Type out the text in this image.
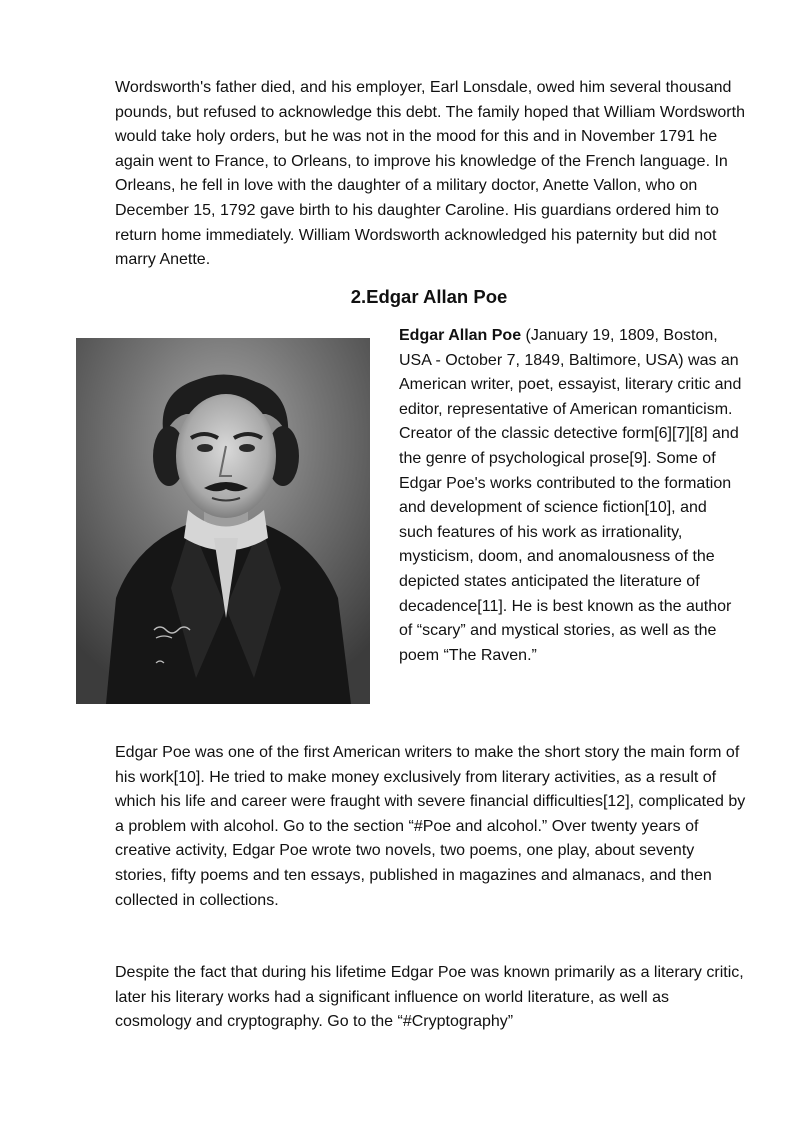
Wordsworth's father died, and his employer, Earl Lonsdale, owed him several thousand pounds, but refused to acknowledge this debt. The family hoped that William Wordsworth would take holy orders, but he was not in the mood for this and in November 1791 he again went to France, to Orleans, to improve his knowledge of the French language. In Orleans, he fell in love with the daughter of a military doctor, Anette Vallon, who on December 15, 1792 gave birth to his daughter Caroline. His guardians ordered him to return home immediately. William Wordsworth acknowledged his paternity but did not marry Anette.

2.Edgar Allan Poe

Edgar Allan Poe (January 19, 1809, Boston, USA - October 7, 1849, Baltimore, USA) was an American writer, poet, essayist, literary critic and editor, representative of American romanticism. Creator of the classic detective form[6][7][8] and the genre of psychological prose[9]. Some of Edgar Poe's works contributed to the formation and development of science fiction[10], and such features of his work as irrationality, mysticism, doom, and anomalousness of the depicted states anticipated the literature of decadence[11]. He is best known as the author of “scary” and mystical stories, as well as the poem “The Raven.”

Edgar Poe was one of the first American writers to make the short story the main form of his work[10]. He tried to make money exclusively from literary activities, as a result of which his life and career were fraught with severe financial difficulties[12], complicated by a problem with alcohol. Go to the section “#Poe and alcohol.” Over twenty years of creative activity, Edgar Poe wrote two novels, two poems, one play, about seventy stories, fifty poems and ten essays, published in magazines and almanacs, and then collected in collections.

Despite the fact that during his lifetime Edgar Poe was known primarily as a literary critic, later his literary works had a significant influence on world literature, as well as cosmology and cryptography. Go to the “#Cryptography”
